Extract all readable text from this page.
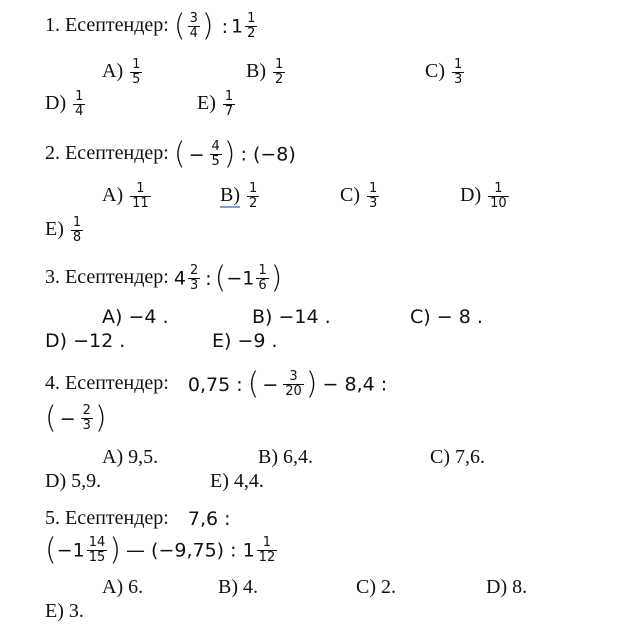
1. Есептендер: ( $\frac{3}{4}$ ) : $1 \frac{1}{2}$
$A) \frac{1}{5}$	$B) \frac{1}{2}$	$C) \frac{1}{3}$
$D) \frac{1}{4}$	$E) \frac{1}{7}$
2. Есептендер: ( − $\frac{4}{5}$ ) : (−8)
$A) \frac{1}{11}$	$B) \frac{1}{2}$	$C) \frac{1}{3}$	$D) \frac{1}{10}$
$E) \frac{1}{8}$
3. Есептендер: $4 \frac{2}{3}$ : ($-1 \frac{1}{6}$ )
A) −4 .	B) −14 .	C) − 8 .
D) −12 .	E) −9 .
4. Есептендер: 0,75 : ( − $\frac{3}{20}$ ) − 8,4 :
( − $\frac{2}{3}$ )
A) 9,5.	B) 6,4.	C) 7,6.
D) 5,9.	E) 4,4.
5. Есептендер: 7,6 :
($-1 \frac{14}{15}$ ) — (−9,75) : $1 \frac{1}{12}$
A) 6.	B) 4.	C) 2.	D) 8.
E) 3.
